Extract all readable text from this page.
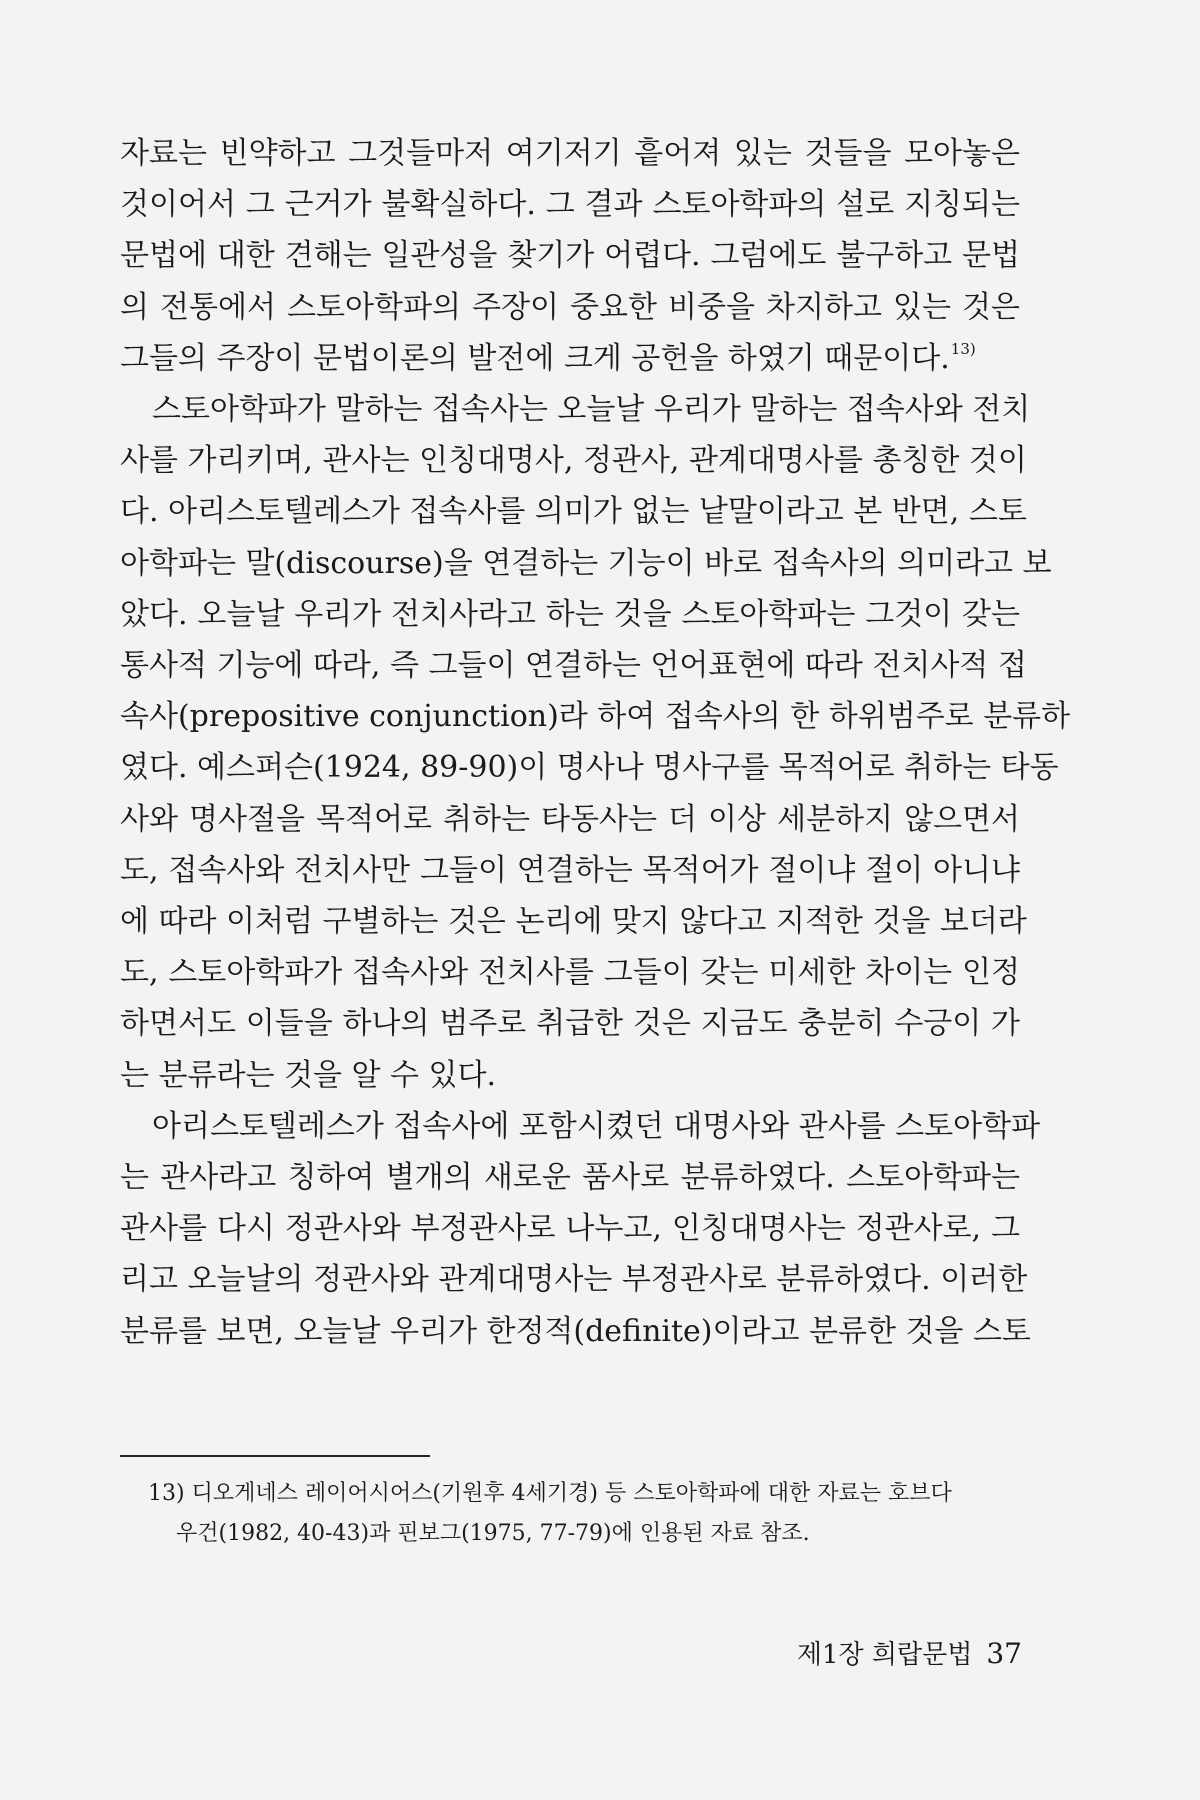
자료는 빈약하고 그것들마저 여기저기 흩어져 있는 것들을 모아놓은
것이어서 그 근거가 불확실하다. 그 결과 스토아학파의 설로 지칭되는
문법에 대한 견해는 일관성을 찾기가 어렵다. 그럼에도 불구하고 문법
의 전통에서 스토아학파의 주장이 중요한 비중을 차지하고 있는 것은
그들의 주장이 문법이론의 발전에 크게 공헌을 하였기 때문이다.$^{13)}$

스토아학파가 말하는 접속사는 오늘날 우리가 말하는 접속사와 전치
사를 가리키며, 관사는 인칭대명사, 정관사, 관계대명사를 총칭한 것이
다. 아리스토텔레스가 접속사를 의미가 없는 낱말이라고 본 반면, 스토
아학파는 말(discourse)을 연결하는 기능이 바로 접속사의 의미라고 보
았다. 오늘날 우리가 전치사라고 하는 것을 스토아학파는 그것이 갖는
통사적 기능에 따라, 즉 그들이 연결하는 언어표현에 따라 전치사적 접
속사(prepositive conjunction)라 하여 접속사의 한 하위범주로 분류하
였다. 예스퍼슨(1924, 89-90)이 명사나 명사구를 목적어로 취하는 타동
사와 명사절을 목적어로 취하는 타동사는 더 이상 세분하지 않으면서
도, 접속사와 전치사만 그들이 연결하는 목적어가 절이냐 절이 아니냐
에 따라 이처럼 구별하는 것은 논리에 맞지 않다고 지적한 것을 보더라
도, 스토아학파가 접속사와 전치사를 그들이 갖는 미세한 차이는 인정
하면서도 이들을 하나의 범주로 취급한 것은 지금도 충분히 수긍이 가
는 분류라는 것을 알 수 있다.

아리스토텔레스가 접속사에 포함시켰던 대명사와 관사를 스토아학파
는 관사라고 칭하여 별개의 새로운 품사로 분류하였다. 스토아학파는
관사를 다시 정관사와 부정관사로 나누고, 인칭대명사는 정관사로, 그
리고 오늘날의 정관사와 관계대명사는 부정관사로 분류하였다. 이러한
분류를 보면, 오늘날 우리가 한정적(definite)이라고 분류한 것을 스토

13) 디오게네스 레이어시어스(기원후 4세기경) 등 스토아학파에 대한 자료는 호브다
우건(1982, 40-43)과 핀보그(1975, 77-79)에 인용된 자료 참조.
제1장 희랍문법 37
